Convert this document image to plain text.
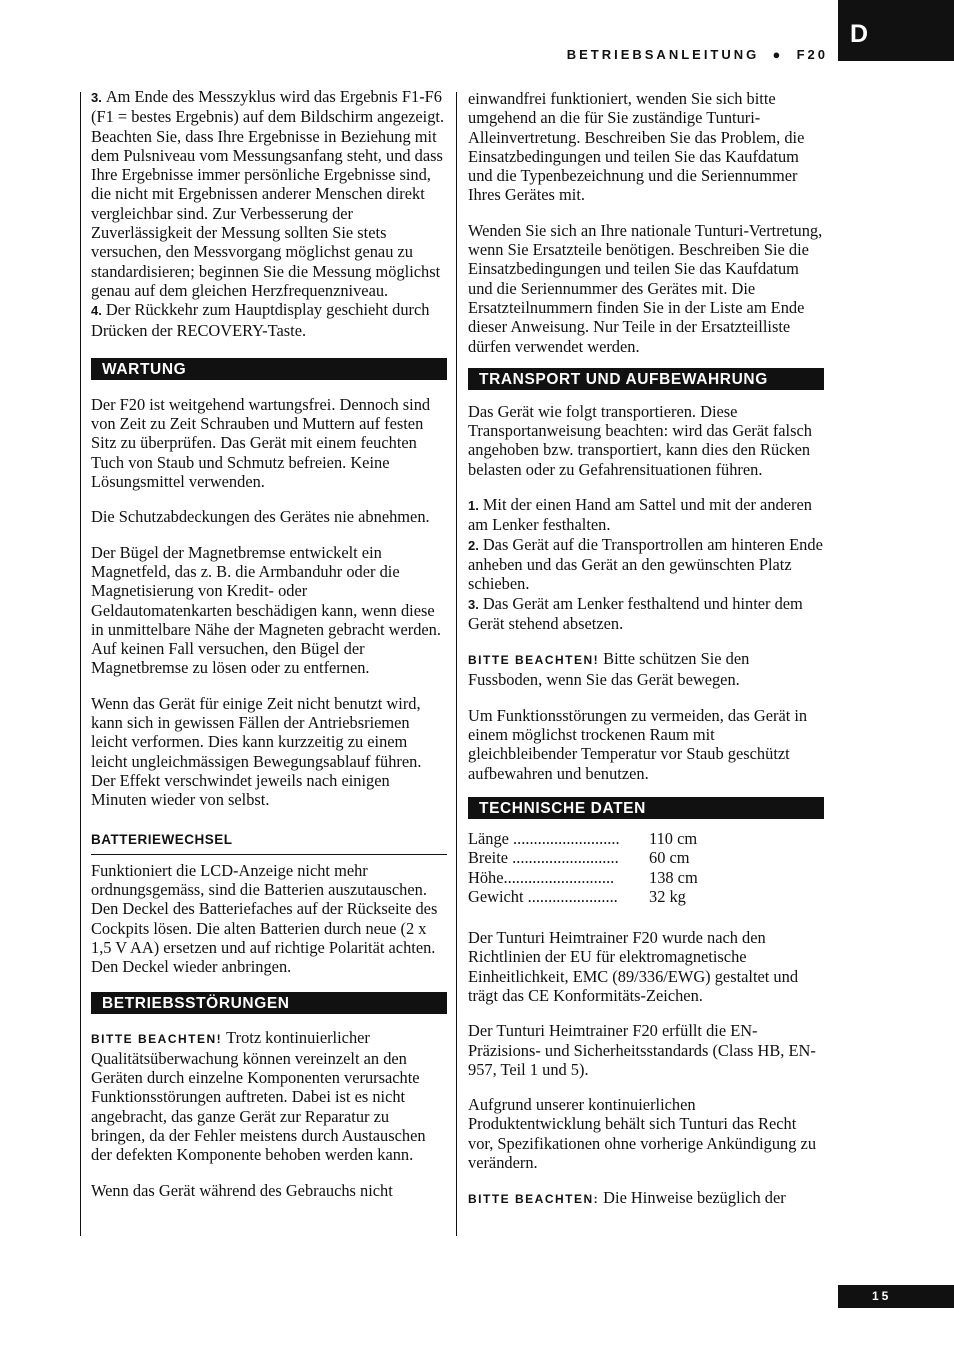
BETRIEBSANLEITUNG ● F20
D

3. Am Ende des Messzyklus wird das Ergebnis F1-F6 (F1 = bestes Ergebnis) auf dem Bildschirm angezeigt. Beachten Sie, dass Ihre Ergebnisse in Beziehung mit dem Pulsniveau vom Messungsanfang steht, und dass Ihre Ergebnisse immer persönliche Ergebnisse sind, die nicht mit Ergebnissen anderer Menschen direkt vergleichbar sind. Zur Verbesserung der Zuverlässigkeit der Messung sollten Sie stets versuchen, den Messvorgang möglichst genau zu standardisieren; beginnen Sie die Messung möglichst genau auf dem gleichen Herzfrequenzniveau.

4. Der Rückkehr zum Hauptdisplay geschieht durch Drücken der RECOVERY-Taste.

WARTUNG

Der F20 ist weitgehend wartungsfrei. Dennoch sind von Zeit zu Zeit Schrauben und Muttern auf festen Sitz zu überprüfen. Das Gerät mit einem feuchten Tuch von Staub und Schmutz befreien. Keine Lösungsmittel verwenden.

Die Schutzabdeckungen des Gerätes nie abnehmen.

Der Bügel der Magnetbremse entwickelt ein Magnetfeld, das z. B. die Armbanduhr oder die Magnetisierung von Kredit- oder Geldautomatenkarten beschädigen kann, wenn diese in unmittelbare Nähe der Magneten gebracht werden. Auf keinen Fall versuchen, den Bügel der Magnetbremse zu lösen oder zu entfernen.

Wenn das Gerät für einige Zeit nicht benutzt wird, kann sich in gewissen Fällen der Antriebsriemen leicht verformen. Dies kann kurzzeitig zu einem leicht ungleichmässigen Bewegungsablauf führen. Der Effekt verschwindet jeweils nach einigen Minuten wieder von selbst.

BATTERIEWECHSEL

Funktioniert die LCD-Anzeige nicht mehr ordnungsgemäss, sind die Batterien auszutauschen. Den Deckel des Batteriefaches auf der Rückseite des Cockpits lösen. Die alten Batterien durch neue (2 x 1,5 V AA) ersetzen und auf richtige Polarität achten. Den Deckel wieder anbringen.

BETRIEBSSTÖRUNGEN

BITTE BEACHTEN! Trotz kontinuierlicher Qualitätsüberwachung können vereinzelt an den Geräten durch einzelne Komponenten verursachte Funktionsstörungen auftreten. Dabei ist es nicht angebracht, das ganze Gerät zur Reparatur zu bringen, da der Fehler meistens durch Austauschen der defekten Komponente behoben werden kann.

Wenn das Gerät während des Gebrauchs nicht

einwandfrei funktioniert, wenden Sie sich bitte umgehend an die für Sie zuständige Tunturi-Alleinvertretung. Beschreiben Sie das Problem, die Einsatzbedingungen und teilen Sie das Kaufdatum und die Typenbezeichnung und die Seriennummer Ihres Gerätes mit.

Wenden Sie sich an Ihre nationale Tunturi-Vertretung, wenn Sie Ersatzteile benötigen. Beschreiben Sie die Einsatzbedingungen und teilen Sie das Kaufdatum und die Seriennummer des Gerätes mit. Die Ersatzteilnummern finden Sie in der Liste am Ende dieser Anweisung. Nur Teile in der Ersatzteilliste dürfen verwendet werden.

TRANSPORT UND AUFBEWAHRUNG

Das Gerät wie folgt transportieren. Diese Transportanweisung beachten: wird das Gerät falsch angehoben bzw. transportiert, kann dies den Rücken belasten oder zu Gefahrensituationen führen.

1. Mit der einen Hand am Sattel und mit der anderen am Lenker festhalten.

2. Das Gerät auf die Transportrollen am hinteren Ende anheben und das Gerät an den gewünschten Platz schieben.

3. Das Gerät am Lenker festhaltend und hinter dem Gerät stehend absetzen.

BITTE BEACHTEN! Bitte schützen Sie den Fussboden, wenn Sie das Gerät bewegen.

Um Funktionsstörungen zu vermeiden, das Gerät in einem möglichst trockenen Raum mit gleichbleibender Temperatur vor Staub geschützt aufbewahren und benutzen.

TECHNISCHE DATEN
Länge ..........................	110 cm
Breite ..........................	60 cm
Höhe...........................	138 cm
Gewicht ......................	32 kg

Der Tunturi Heimtrainer F20 wurde nach den Richtlinien der EU für elektromagnetische Einheitlichkeit, EMC (89/336/EWG) gestaltet und trägt das CE Konformitäts-Zeichen.

Der Tunturi Heimtrainer F20 erfüllt die EN-Präzisions- und Sicherheitsstandards (Class HB, EN-957, Teil 1 und 5).

Aufgrund unserer kontinuierlichen Produktentwicklung behält sich Tunturi das Recht vor, Spezifikationen ohne vorherige Ankündigung zu verändern.

BITTE BEACHTEN: Die Hinweise bezüglich der

15
